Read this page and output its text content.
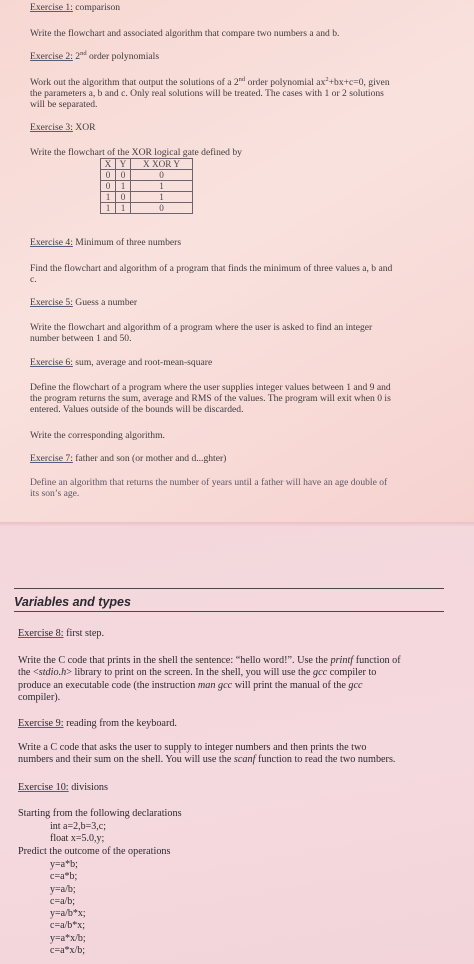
Exercise 1: comparison
Write the flowchart and associated algorithm that compare two numbers a and b.
Exercise 2: 2nd order polynomials
Work out the algorithm that output the solutions of a 2nd order polynomial $ax^2+bx+c=0$, given
the parameters a, b and c. Only real solutions will be treated. The cases with 1 or 2 solutions
will be separated.
Exercise 3: XOR
Write the flowchart of the XOR logical gate defined by
X	Y	X XOR Y
0	0	0
0	1	1
1	0	1
1	1	0
Exercise 4: Minimum of three numbers
Find the flowchart and algorithm of a program that finds the minimum of three values a, b and
c.
Exercise 5: Guess a number
Write the flowchart and algorithm of a program where the user is asked to find an integer
number between 1 and 50.
Exercise 6: sum, average and root-mean-square
Define the flowchart of a program where the user supplies integer values between 1 and 9 and
the program returns the sum, average and RMS of the values. The program will exit when 0 is
entered. Values outside of the bounds will be discarded.
Write the corresponding algorithm.
Exercise 7: father and son (or mother and d...ghter)
Define an algorithm that returns the number of years until a father will have an age double of
its son’s age.
Variables and types
Exercise 8: first step.
Write the C code that prints in the shell the sentence: “hello word!”. Use the printf function of
the <stdio.h> library to print on the screen. In the shell, you will use the gcc compiler to
produce an executable code (the instruction man gcc will print the manual of the gcc
compiler).
Exercise 9: reading from the keyboard.
Write a C code that asks the user to supply to integer numbers and then prints the two
numbers and their sum on the shell. You will use the scanf function to read the two numbers.
Exercise 10: divisions
Starting from the following declarations
int a=2,b=3,c;
float x=5.0,y;
Predict the outcome of the operations
y=a*b;
c=a*b;
y=a/b;
c=a/b;
y=a/b*x;
c=a/b*x;
y=a*x/b;
c=a*x/b;
